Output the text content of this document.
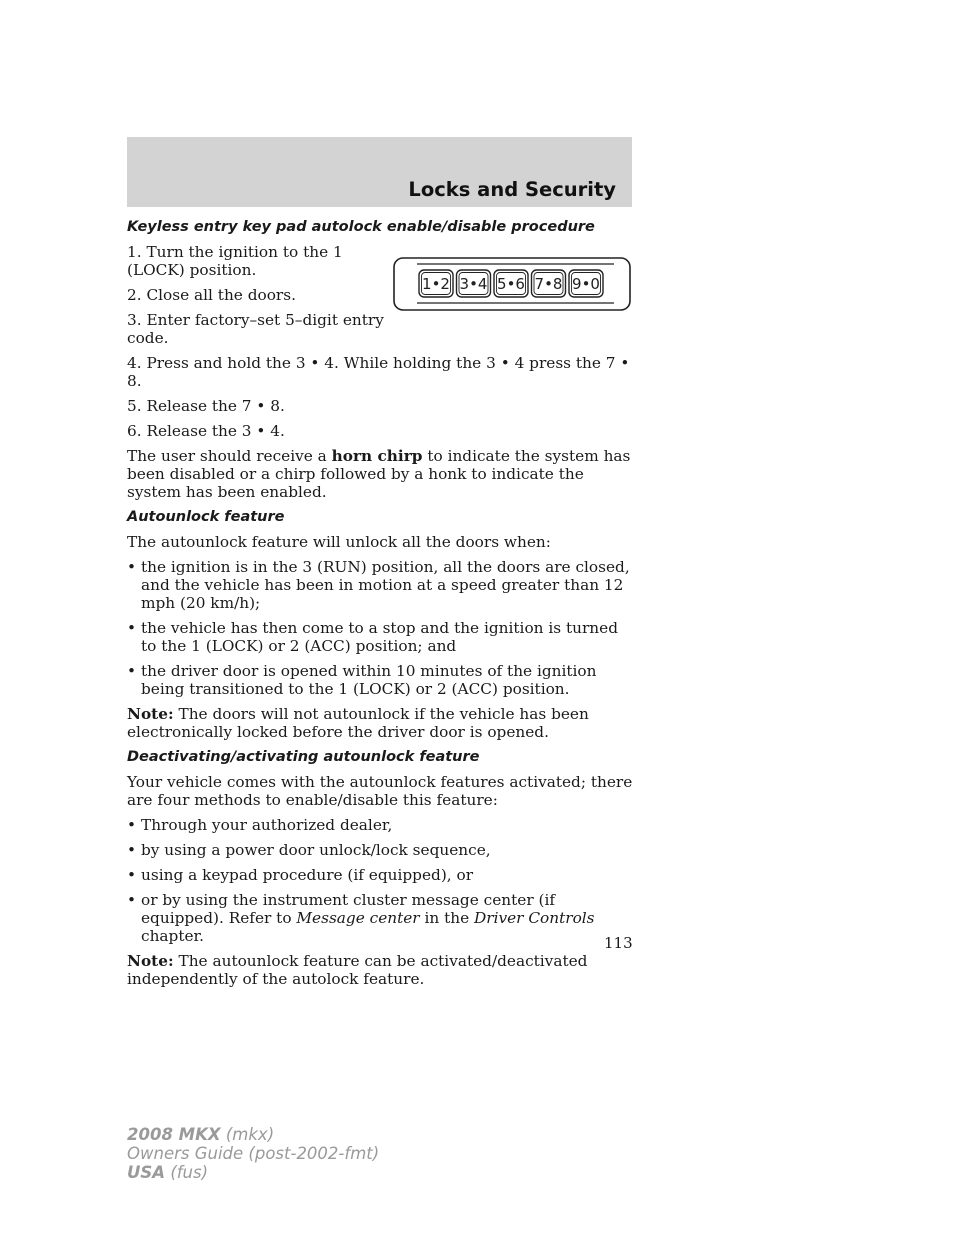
Locks and Security
1•2 3•4 5•6 7•8 9•0
Keyless entry key pad autolock enable/disable procedure

1. Turn the ignition to the 1 (LOCK) position.

2. Close all the doors.

3. Enter factory–set 5–digit entry code.

4. Press and hold the 3 • 4. While holding the 3 • 4 press the 7 • 8.

5. Release the 7 • 8.

6. Release the 3 • 4.

The user should receive a horn chirp to indicate the system has been disabled or a chirp followed by a honk to indicate the system has been enabled.

Autounlock feature

The autounlock feature will unlock all the doors when:

• the ignition is in the 3 (RUN) position, all the doors are closed, and the vehicle has been in motion at a speed greater than 12 mph (20 km/h);
• the vehicle has then come to a stop and the ignition is turned to the 1 (LOCK) or 2 (ACC) position; and
• the driver door is opened within 10 minutes of the ignition being transitioned to the 1 (LOCK) or 2 (ACC) position.

Note: The doors will not autounlock if the vehicle has been electronically locked before the driver door is opened.

Deactivating/activating autounlock feature

Your vehicle comes with the autounlock features activated; there are four methods to enable/disable this feature:

• Through your authorized dealer,
• by using a power door unlock/lock sequence,
• using a keypad procedure (if equipped), or
• or by using the instrument cluster message center (if equipped). Refer to Message center in the Driver Controls chapter.

Note: The autounlock feature can be activated/deactivated independently of the autolock feature.

113
2008 MKX (mkx)
Owners Guide (post-2002-fmt)
USA (fus)
